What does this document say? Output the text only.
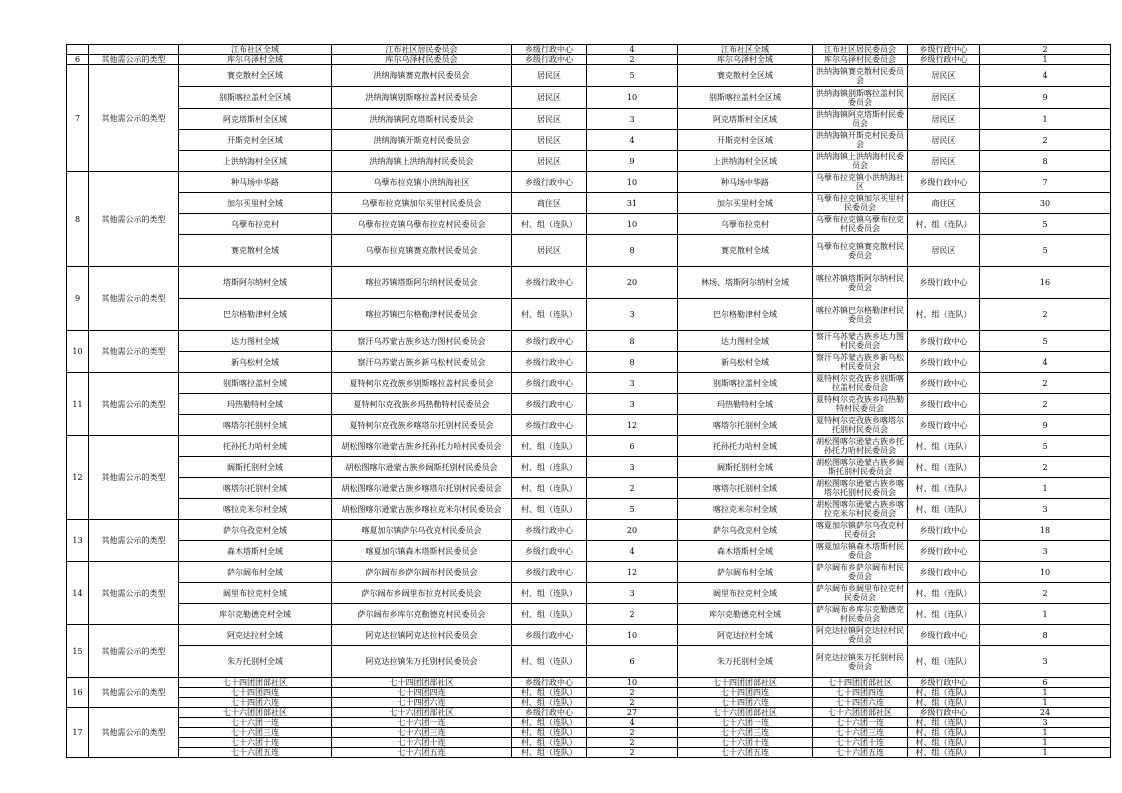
		江布社区全域	江布社区居民委员会	乡级行政中心	4	江布社区全域	江布社区居民委员会	乡级行政中心	2
6	其他需公示的类型	库尔乌泽村全域	库尔乌泽村民委员会	乡级行政中心	2	库尔乌泽村全域	库尔乌泽村民委员会	乡级行政中心	1
7	其他需公示的类型	赛克散村全区域	洪纳海镇赛克散村民委员会	居民区	5	赛克散村全区域	洪纳海镇赛克散村民委员会	居民区	4
		别斯喀拉盖村全区域	洪纳海镇别斯喀拉盖村民委员会	居民区	10	别斯喀拉盖村全区域	洪纳海镇别斯喀拉盖村民委员会	居民区	9
		阿克塔斯村全区域	洪纳海镇阿克塔斯村民委员会	居民区	3	阿克塔斯村全区域	洪纳海镇阿克塔斯村民委员会	居民区	1
		开斯克村全区域	洪纳海镇开斯克村民委员会	居民区	4	开斯克村全区域	洪纳海镇开斯克村民委员会	居民区	2
		上洪纳海村全区域	洪纳海镇上洪纳海村民委员会	居民区	9	上洪纳海村全区域	洪纳海镇上洪纳海村民委员会	居民区	8
8	其他需公示的类型	种马场中华路	乌孽布拉克镇小洪纳海社区	乡级行政中心	10	种马场中华路	乌孽布拉克镇小洪纳海社区	乡级行政中心	7
		加尔买里村全域	乌孽布拉克镇加尔买里村民委员会	商住区	31	加尔买里村全域	乌孽布拉克镇加尔买里村民委员会	商住区	30
		乌孽布拉克村	乌孽布拉克镇乌孽布拉克村民委员会	村、组（连队）	10	乌孽布拉克村	乌孽布拉克镇乌孽布拉克村民委员会	村、组（连队）	5
		赛克散村全域	乌孽布拉克镇赛克散村民委员会	居民区	8	赛克散村全域	乌孽布拉克镇赛克散村民委员会	居民区	5
9	其他需公示的类型	塔斯阿尔纳村全域	喀拉苏镇塔斯阿尔纳村民委员会	乡级行政中心	20	林场、塔斯阿尔纳村全域	喀拉苏镇塔斯阿尔纳村民委员会	乡级行政中心	16
		巴尔格勒津村全域	喀拉苏镇巴尔格勒津村民委员会	村、组（连队）	3	巴尔格勒津村全域	喀拉苏镇巴尔格勒津村民委员会	村、组（连队）	2
10	其他需公示的类型	达力图村全域	察汗乌苏蒙古族乡达力图村民委员会	乡级行政中心	8	达力图村全域	察汗乌苏蒙古族乡达力图村民委员会	乡级行政中心	5
		新乌松村全域	察汗乌苏蒙古族乡新乌松村民委员会	乡级行政中心	8	新乌松村全域	察汗乌苏蒙古族乡新乌松村民委员会	乡级行政中心	4
11	其他需公示的类型	别斯喀拉盖村全域	夏特柯尔克孜族乡别斯喀拉盖村民委员会	乡级行政中心	3	别斯喀拉盖村全域	夏特柯尔克孜族乡别斯喀拉盖村民委员会	乡级行政中心	2
		玛热勒特村全域	夏特柯尔克孜族乡玛热勒特村民委员会	乡级行政中心	3	玛热勒特村全域	夏特柯尔克孜族乡玛热勒特村民委员会	乡级行政中心	2
		喀塔尔托别村全域	夏特柯尔克孜族乡喀塔尔托别村民委员会	乡级行政中心	12	喀塔尔托别村全域	夏特柯尔克孜族乡喀塔尔托别村民委员会	乡级行政中心	9
12	其他需公示的类型	托孙托力哈村全域	胡松图喀尔逊蒙古族乡托孙托力哈村民委员会	村、组（连队）	6	托孙托力哈村全域	胡松图喀尔逊蒙古族乡托孙托力哈村民委员会	村、组（连队）	5
		阔斯托别村全域	胡松图喀尔逊蒙古族乡阔斯托别村民委员会	村、组（连队）	3	阔斯托别村全域	胡松图喀尔逊蒙古族乡阔斯托别村民委员会	村、组（连队）	2
		喀塔尔托别村全域	胡松图喀尔逊蒙古族乡喀塔尔托别村民委员会	村、组（连队）	2	喀塔尔托别村全域	胡松图喀尔逊蒙古族乡喀塔尔托别村民委员会	村、组（连队）	1
		喀拉克米尔村全域	胡松图喀尔逊蒙古族乡喀拉克米尔村民委员会	村、组（连队）	5	喀拉克米尔村全域	胡松图喀尔逊蒙古族乡喀拉克米尔村民委员会	村、组（连队）	3
13	其他需公示的类型	萨尔乌孜克村全域	喀夏加尔镇萨尔乌孜克村民委员会	乡级行政中心	20	萨尔乌孜克村全域	喀夏加尔镇萨尔乌孜克村民委员会	乡级行政中心	18
		森木塔斯村全域	喀夏加尔镇森木塔斯村民委员会	乡级行政中心	4	森木塔斯村全域	喀夏加尔镇森木塔斯村民委员会	乡级行政中心	3
14	其他需公示的类型	萨尔阔布村全域	萨尔阔布乡萨尔阔布村民委员会	乡级行政中心	12	萨尔阔布村全域	萨尔阔布乡萨尔阔布村民委员会	乡级行政中心	10
		阔里布拉克村全域	萨尔阔布乡阔里布拉克村民委员会	村、组（连队）	3	阔里布拉克村全域	萨尔阔布乡阔里布拉克村民委员会	村、组（连队）	2
		库尔克勒德克村全域	萨尔阔布乡库尔克勒德克村民委员会	村、组（连队）	2	库尔克勒德克村全域	萨尔阔布乡库尔克勒德克村民委员会	村、组（连队）	1
15	其他需公示的类型	阿克达拉村全域	阿克达拉镇阿克达拉村民委员会	乡级行政中心	10	阿克达拉村全域	阿克达拉镇阿克达拉村民委员会	乡级行政中心	8
		朱万托别村全域	阿克达拉镇朱万托别村民委员会	村、组（连队）	6	朱万托别村全域	阿克达拉镇朱万托别村民委员会	村、组（连队）	3
16	其他需公示的类型	七十四团团部社区	七十四团团部社区	乡级行政中心	10	七十四团团部社区	七十四团团部社区	乡级行政中心	6
		七十四团四连	七十四团四连	村、组（连队）	2	七十四团四连	七十四团四连	村、组（连队）	1
		七十四团六连	七十四团六连	村、组（连队）	2	七十四团六连	七十四团六连	村、组（连队）	1
17	其他需公示的类型	七十六团团部社区	七十六团团部社区	乡级行政中心	27	七十六团团部社区	七十六团团部社区	乡级行政中心	24
		七十六团一连	七十六团一连	村、组（连队）	4	七十六团一连	七十六团一连	村、组（连队）	3
		七十六团三连	七十六团三连	村、组（连队）	2	七十六团三连	七十六团三连	村、组（连队）	1
		七十六团十连	七十六团十连	村、组（连队）	2	七十六团十连	七十六团十连	村、组（连队）	1
		七十六团五连	七十六团五连	村、组（连队）	2	七十六团五连	七十六团五连	村、组（连队）	1
